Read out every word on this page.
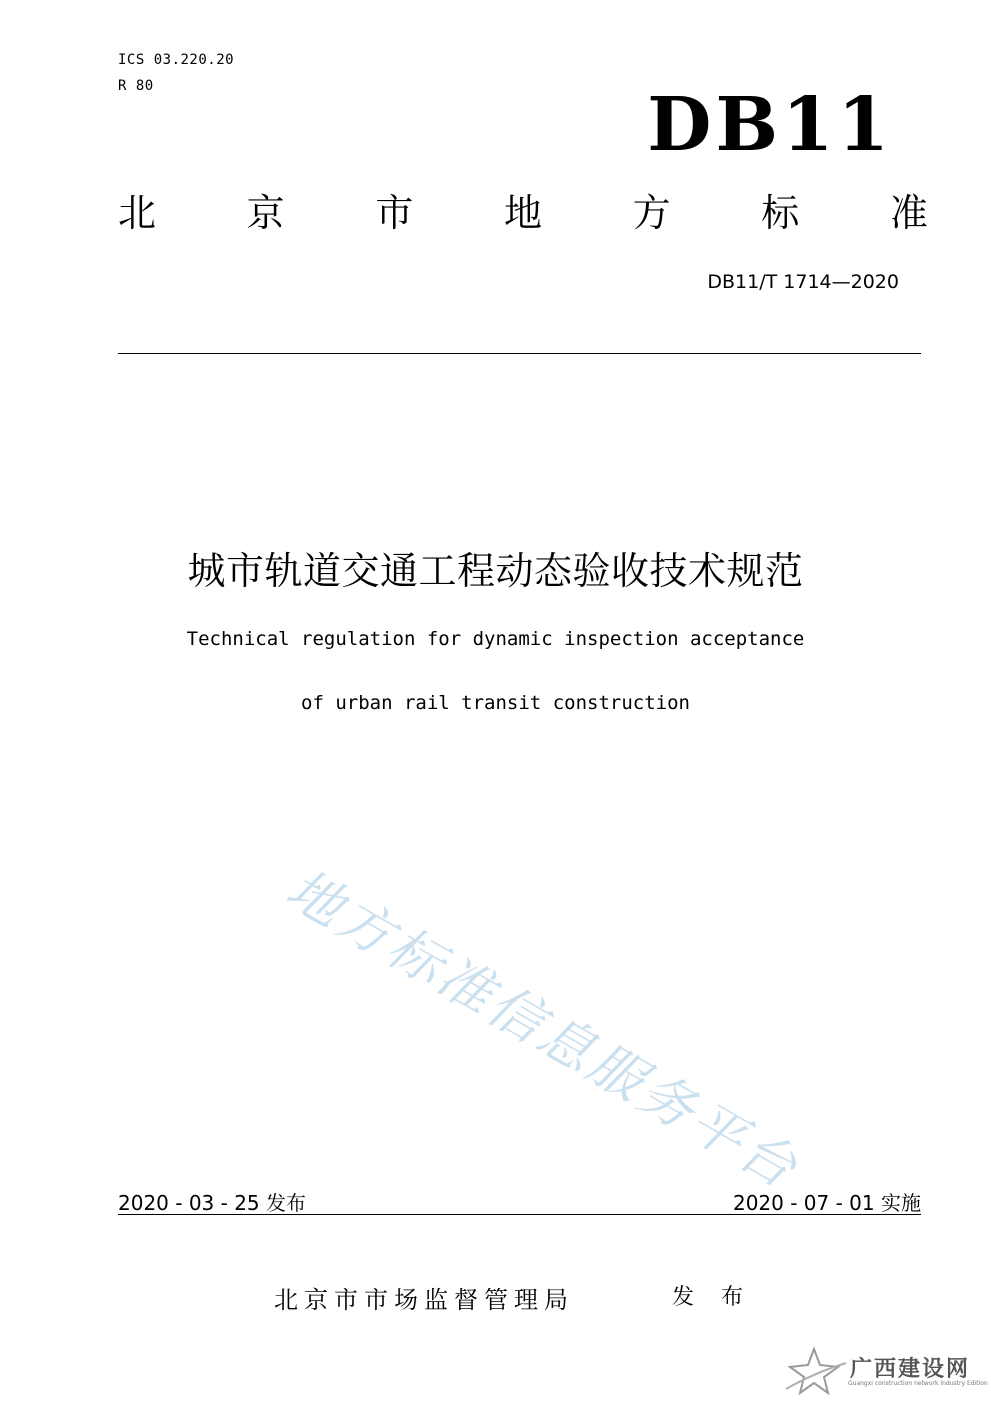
ICS 03.220.20
R 80	DB11
北 京 市 地 方 标 准
DB11/T 1714—2020
城市轨道交通工程动态验收技术规范
Technical regulation for dynamic inspection acceptance
of urban rail transit construction
地方标准信息服务平台
2020 - 03 - 25 发布	2020 - 07 - 01 实施
北京市市场监督管理局	发 布
广西建设网
Guangxi construction network Industry Edition
